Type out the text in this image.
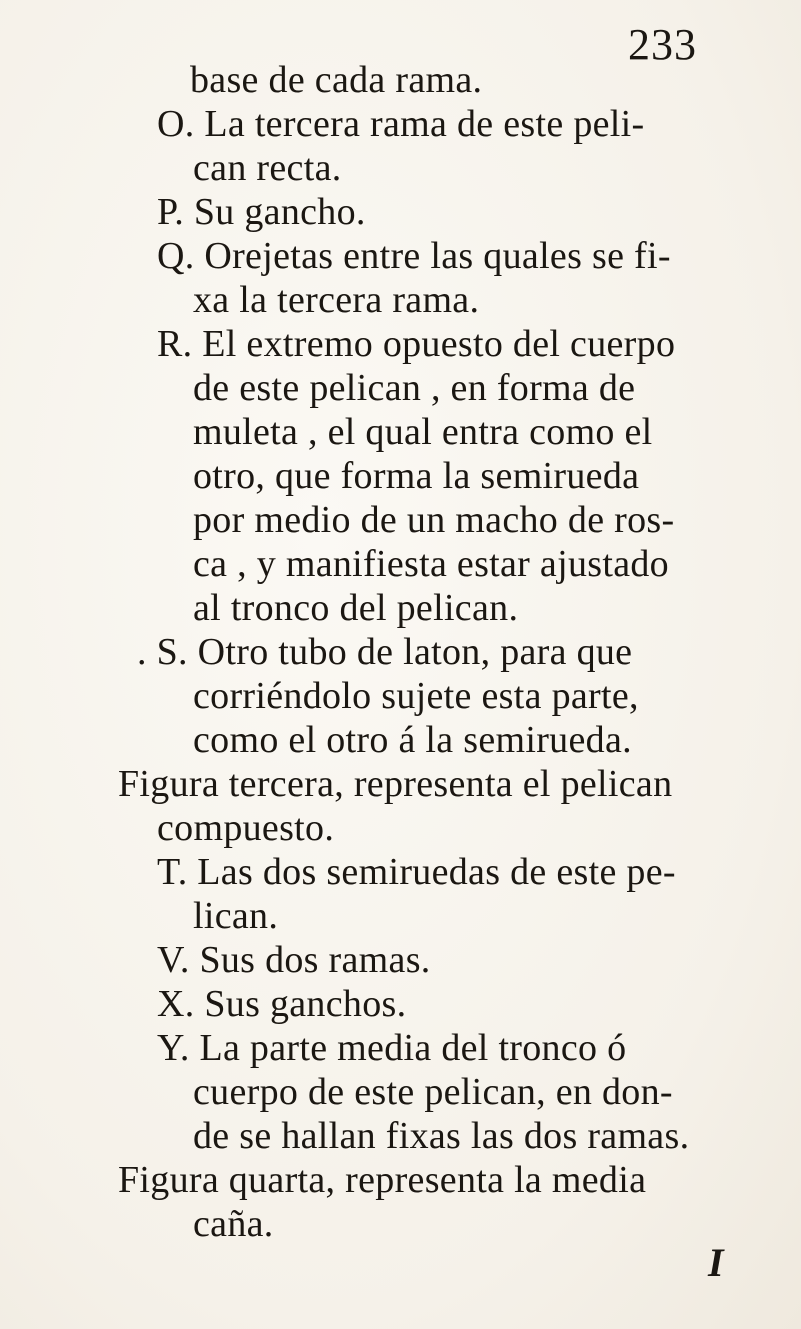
233
base de cada rama.
O. La tercera rama de este peli-
can recta.
P. Su gancho.
Q. Orejetas entre las quales se fi-
xa la tercera rama.
R. El extremo opuesto del cuerpo
de este pelican , en forma de
muleta , el qual entra como el
otro, que forma la semirueda
por medio de un macho de ros-
ca , y manifiesta estar ajustado
al tronco del pelican.
. S. Otro tubo de laton, para que
corriéndolo sujete esta parte,
como el otro á la semirueda.
Figura tercera, representa el pelican
compuesto.
T. Las dos semiruedas de este pe-
lican.
V. Sus dos ramas.
X. Sus ganchos.
Y. La parte media del tronco ó
I
cuerpo de este pelican, en don-
de se hallan fixas las dos ramas.
Figura quarta, representa la media
caña.
